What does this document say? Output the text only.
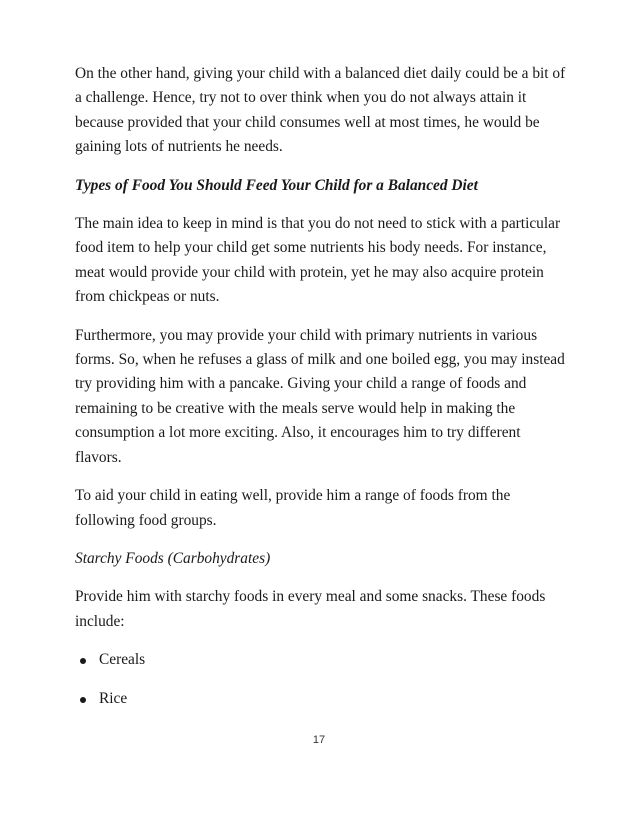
On the other hand, giving your child with a balanced diet daily could be a bit of a challenge. Hence, try not to over think when you do not always attain it because provided that your child consumes well at most times, he would be gaining lots of nutrients he needs.

Types of Food You Should Feed Your Child for a Balanced Diet

The main idea to keep in mind is that you do not need to stick with a particular food item to help your child get some nutrients his body needs. For instance, meat would provide your child with protein, yet he may also acquire protein from chickpeas or nuts.

Furthermore, you may provide your child with primary nutrients in various forms. So, when he refuses a glass of milk and one boiled egg, you may instead try providing him with a pancake. Giving your child a range of foods and remaining to be creative with the meals serve would help in making the consumption a lot more exciting. Also, it encourages him to try different flavors.

To aid your child in eating well, provide him a range of foods from the following food groups.

Starchy Foods (Carbohydrates)

Provide him with starchy foods in every meal and some snacks. These foods include:

Cereals
Rice
17
